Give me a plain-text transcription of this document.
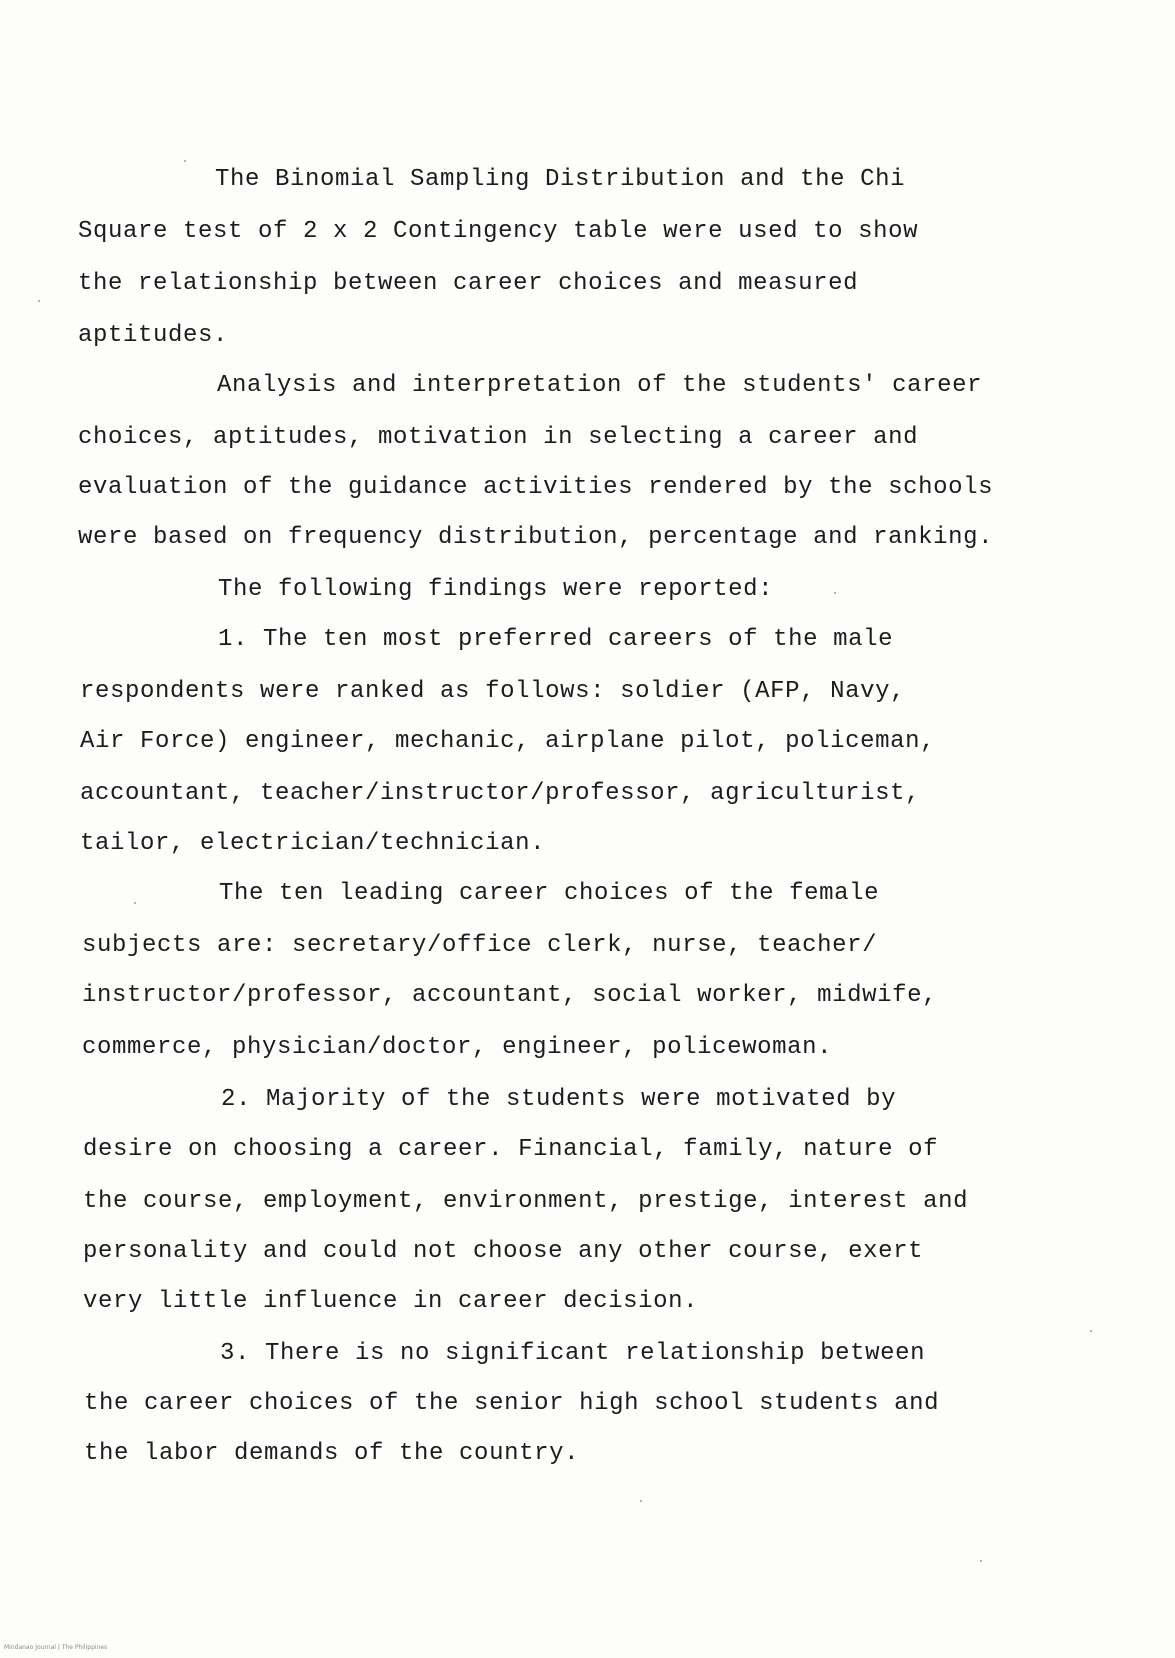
The Binomial Sampling Distribution and the Chi
Square test of 2 x 2 Contingency table were used to show
the relationship between career choices and measured
aptitudes.
Analysis and interpretation of the students' career
choices, aptitudes, motivation in selecting a career and
evaluation of the guidance activities rendered by the schools
were based on frequency distribution, percentage and ranking.
The following findings were reported:
1. The ten most preferred careers of the male
respondents were ranked as follows: soldier (AFP, Navy,
Air Force) engineer, mechanic, airplane pilot, policeman,
accountant, teacher/instructor/professor, agriculturist,
tailor, electrician/technician.
The ten leading career choices of the female
subjects are: secretary/office clerk, nurse, teacher/
instructor/professor, accountant, social worker, midwife,
commerce, physician/doctor, engineer, policewoman.
2. Majority of the students were motivated by
desire on choosing a career. Financial, family, nature of
the course, employment, environment, prestige, interest and
personality and could not choose any other course, exert
very little influence in career decision.
3. There is no significant relationship between
the career choices of the senior high school students and
the labor demands of the country.
Mindanao Journal | The Philippines
